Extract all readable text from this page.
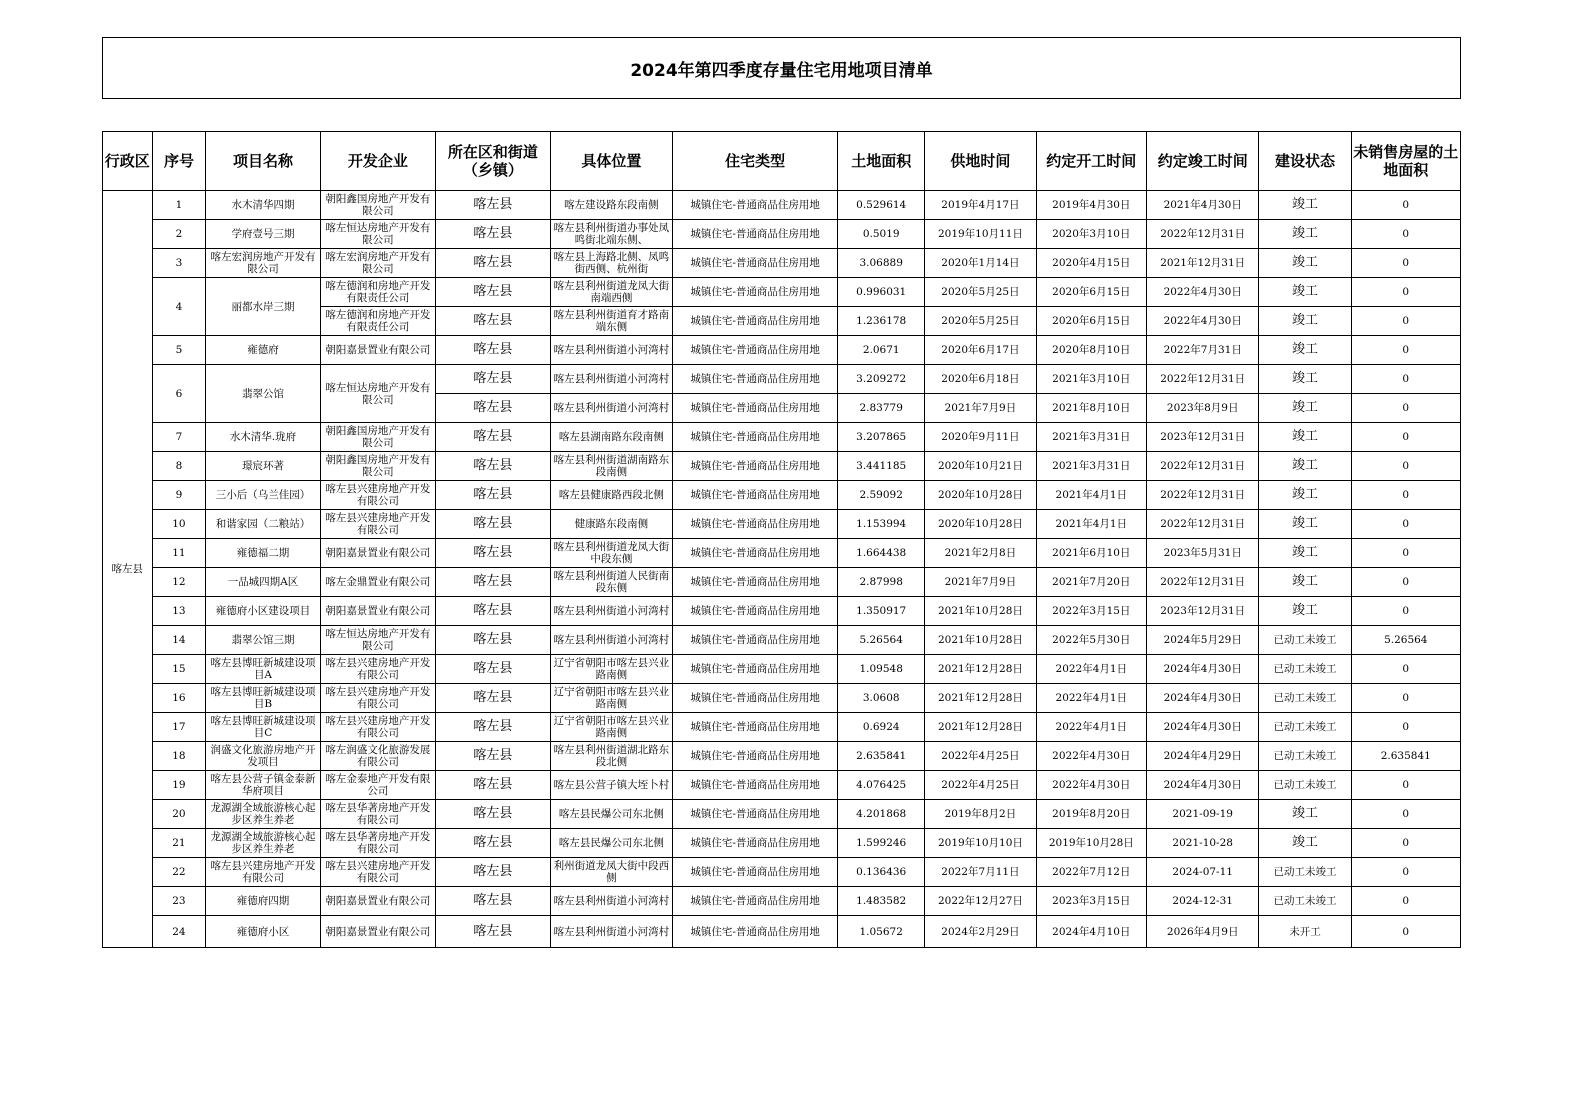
2024年第四季度存量住宅用地项目清单
行政区	序号	项目名称	开发企业	所在区和街道（乡镇）	具体位置	住宅类型	土地面积	供地时间	约定开工时间	约定竣工时间	建设状态	未销售房屋的土地面积
喀左县	1	水木清华四期	朝阳鑫国房地产开发有限公司	喀左县	喀左建设路东段南侧	城镇住宅-普通商品住房用地	0.529614	2019年4月17日	2019年4月30日	2021年4月30日	竣工	0
	2	学府壹号三期	喀左恒达房地产开发有限公司	喀左县	喀左县利州街道办事处凤鸣街北端东侧、	城镇住宅-普通商品住房用地	0.5019	2019年10月11日	2020年3月10日	2022年12月31日	竣工	0
	3	喀左宏润房地产开发有限公司	喀左宏润房地产开发有限公司	喀左县	喀左县上海路北侧、凤鸣街西侧、杭州街	城镇住宅-普通商品住房用地	3.06889	2020年1月14日	2020年4月15日	2021年12月31日	竣工	0
	4	丽都水岸三期	喀左德润和房地产开发有限责任公司	喀左县	喀左县利州街道龙凤大街南端西侧	城镇住宅-普通商品住房用地	0.996031	2020年5月25日	2020年6月15日	2022年4月30日	竣工	0

			喀左德润和房地产开发有限责任公司	喀左县	喀左县利州街道育才路南端东侧	城镇住宅-普通商品住房用地	1.236178	2020年5月25日	2020年6月15日	2022年4月30日	竣工	0
	5	雍德府	朝阳嘉景置业有限公司	喀左县	喀左县利州街道小河湾村	城镇住宅-普通商品住房用地	2.0671	2020年6月17日	2020年8月10日	2022年7月31日	竣工	0
	6	翡翠公馆	喀左恒达房地产开发有限公司	喀左县	喀左县利州街道小河湾村	城镇住宅-普通商品住房用地	3.209272	2020年6月18日	2021年3月10日	2022年12月31日	竣工	0
				喀左县	喀左县利州街道小河湾村	城镇住宅-普通商品住房用地	2.83779	2021年7月9日	2021年8月10日	2023年8月9日	竣工	0
	7	水木清华.珑府	朝阳鑫国房地产开发有限公司	喀左县	喀左县湖南路东段南侧	城镇住宅-普通商品住房用地	3.207865	2020年9月11日	2021年3月31日	2023年12月31日	竣工	0
	8	璟宸环著	朝阳鑫国房地产开发有限公司	喀左县	喀左县利州街道湖南路东段南侧	城镇住宅-普通商品住房用地	3.441185	2020年10月21日	2021年3月31日	2022年12月31日	竣工	0
	9	三小后（乌兰佳园）	喀左县兴建房地产开发有限公司	喀左县	喀左县健康路西段北侧	城镇住宅-普通商品住房用地	2.59092	2020年10月28日	2021年4月1日	2022年12月31日	竣工	0
	10	和谐家园（二粮站）	喀左县兴建房地产开发有限公司	喀左县	健康路东段南侧	城镇住宅-普通商品住房用地	1.153994	2020年10月28日	2021年4月1日	2022年12月31日	竣工	0
	11	雍德福二期	朝阳嘉景置业有限公司	喀左县	喀左县利州街道龙凤大街中段东侧	城镇住宅-普通商品住房用地	1.664438	2021年2月8日	2021年6月10日	2023年5月31日	竣工	0
	12	一品城四期A区	喀左金鼎置业有限公司	喀左县	喀左县利州街道人民街南段东侧	城镇住宅-普通商品住房用地	2.87998	2021年7月9日	2021年7月20日	2022年12月31日	竣工	0
	13	雍德府小区建设项目	朝阳嘉景置业有限公司	喀左县	喀左县利州街道小河湾村	城镇住宅-普通商品住房用地	1.350917	2021年10月28日	2022年3月15日	2023年12月31日	竣工	0
	14	翡翠公馆三期	喀左恒达房地产开发有限公司	喀左县	喀左县利州街道小河湾村	城镇住宅-普通商品住房用地	5.26564	2021年10月28日	2022年5月30日	2024年5月29日	已动工未竣工	5.26564
	15	喀左县博旺新城建设项目A	喀左县兴建房地产开发有限公司	喀左县	辽宁省朝阳市喀左县兴业路南侧	城镇住宅-普通商品住房用地	1.09548	2021年12月28日	2022年4月1日	2024年4月30日	已动工未竣工	0
	16	喀左县博旺新城建设项目B	喀左县兴建房地产开发有限公司	喀左县	辽宁省朝阳市喀左县兴业路南侧	城镇住宅-普通商品住房用地	3.0608	2021年12月28日	2022年4月1日	2024年4月30日	已动工未竣工	0
	17	喀左县博旺新城建设项目C	喀左县兴建房地产开发有限公司	喀左县	辽宁省朝阳市喀左县兴业路南侧	城镇住宅-普通商品住房用地	0.6924	2021年12月28日	2022年4月1日	2024年4月30日	已动工未竣工	0
	18	润盛文化旅游房地产开发项目	喀左润盛文化旅游发展有限公司	喀左县	喀左县利州街道湖北路东段北侧	城镇住宅-普通商品住房用地	2.635841	2022年4月25日	2022年4月30日	2024年4月29日	已动工未竣工	2.635841
	19	喀左县公营子镇金泰新华府项目	喀左金泰地产开发有限公司	喀左县	喀左县公营子镇大垤卜村	城镇住宅-普通商品住房用地	4.076425	2022年4月25日	2022年4月30日	2024年4月30日	已动工未竣工	0
	20	龙源湖全域旅游核心起步区养生养老	喀左县华著房地产开发有限公司	喀左县	喀左县民爆公司东北侧	城镇住宅-普通商品住房用地	4.201868	2019年8月2日	2019年8月20日	2021-09-19	竣工	0
	21	龙源湖全域旅游核心起步区养生养老	喀左县华著房地产开发有限公司	喀左县	喀左县民爆公司东北侧	城镇住宅-普通商品住房用地	1.599246	2019年10月10日	2019年10月28日	2021-10-28	竣工	0
	22	喀左县兴建房地产开发有限公司	喀左县兴建房地产开发有限公司	喀左县	利州街道龙凤大街中段西侧	城镇住宅-普通商品住房用地	0.136436	2022年7月11日	2022年7月12日	2024-07-11	已动工未竣工	0
	23	雍德府四期	朝阳嘉景置业有限公司	喀左县	喀左县利州街道小河湾村	城镇住宅-普通商品住房用地	1.483582	2022年12月27日	2023年3月15日	2024-12-31	已动工未竣工	0
	24	雍德府小区	朝阳嘉景置业有限公司	喀左县	喀左县利州街道小河湾村	城镇住宅-普通商品住房用地	1.05672	2024年2月29日	2024年4月10日	2026年4月9日	未开工	0
